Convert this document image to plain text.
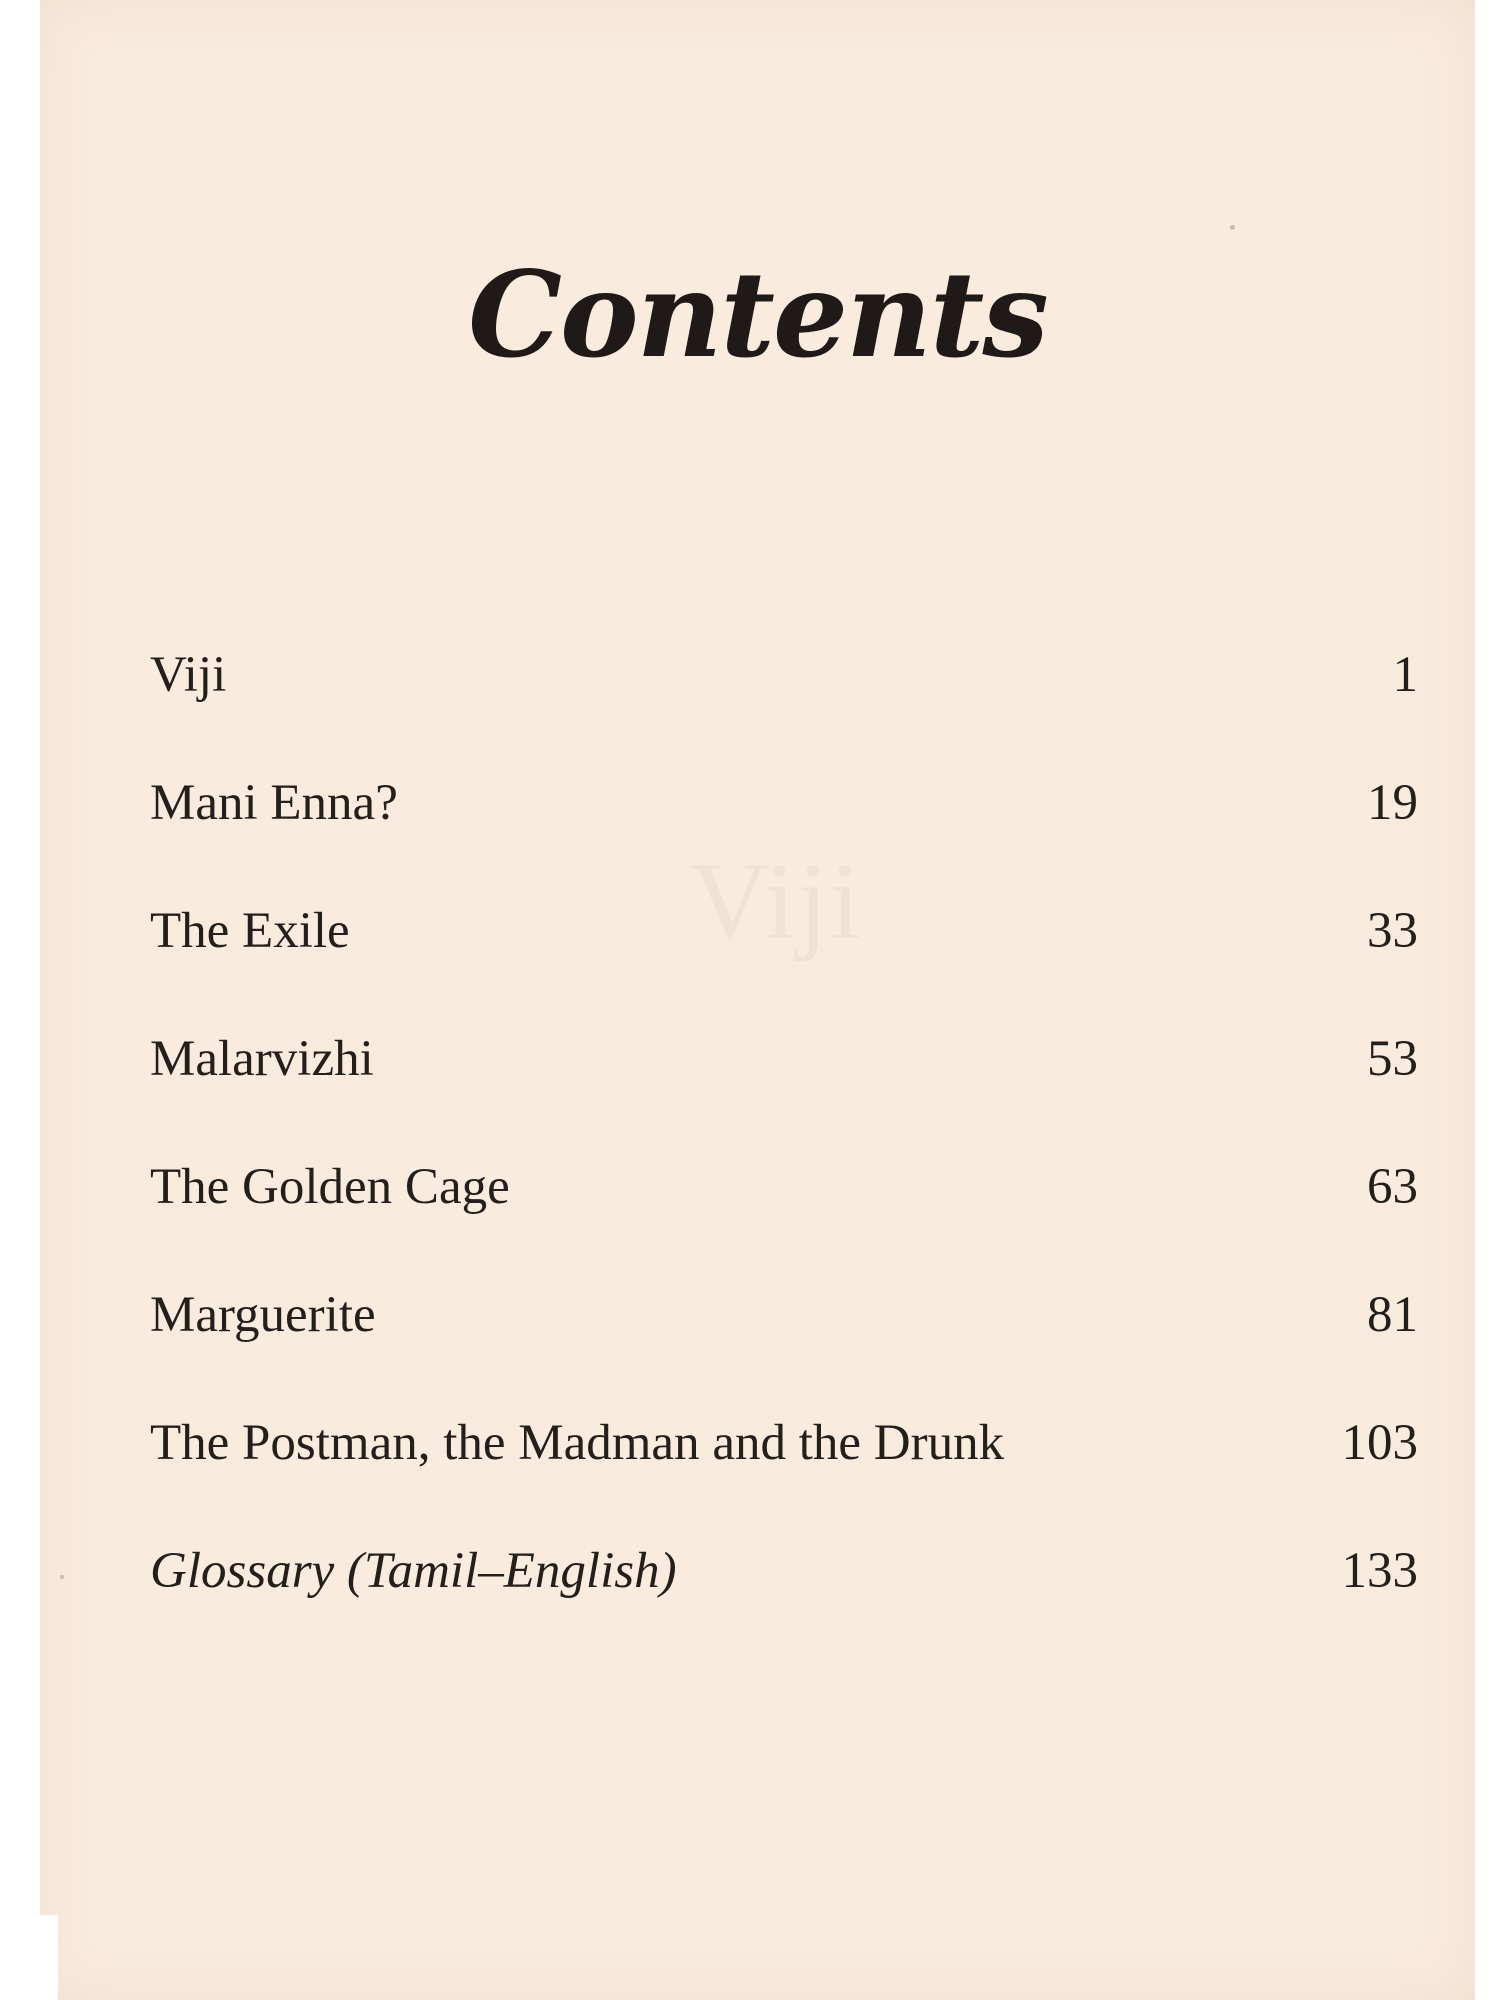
Contents
Viji
Viji	1
Mani Enna?	19
The Exile	33
Malarvizhi	53
The Golden Cage	63
Marguerite	81
The Postman, the Madman and the Drunk	103
Glossary (Tamil–English)	133
